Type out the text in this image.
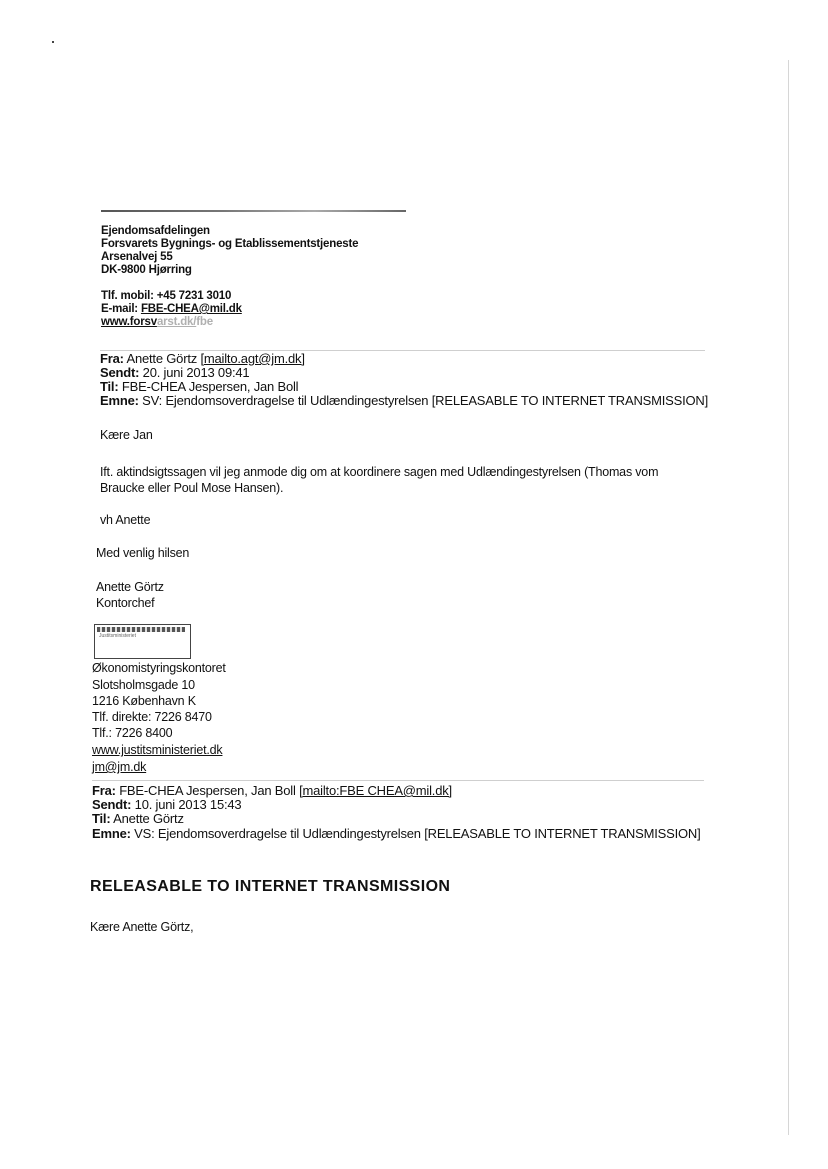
Ejendomsafdelingen
Forsvarets Bygnings- og Etablissementstjeneste
Arsenalvej 55
DK-9800 Hjørring
Tlf. mobil: +45 7231 3010
E-mail: FBE-CHEA@mil.dk
www.forsvarst.dk/fbe
Fra: Anette Görtz [mailto.agt@jm.dk]
Sendt: 20. juni 2013 09:41
Til: FBE-CHEA Jespersen, Jan Boll
Emne: SV: Ejendomsoverdragelse til Udlændingestyrelsen [RELEASABLE TO INTERNET TRANSMISSION]
Kære Jan
Ift. aktindsigtssagen vil jeg anmode dig om at koordinere sagen med Udlændingestyrelsen (Thomas vom
Braucke eller Poul Mose Hansen).
vh Anette
Med venlig hilsen
Anette Görtz
Kontorchef
Justitsministeriet
Økonomistyringskontoret
Slotsholmsgade 10
1216 København K
Tlf. direkte: 7226 8470
Tlf.: 7226 8400
www.justitsministeriet.dk
jm@jm.dk
Fra: FBE-CHEA Jespersen, Jan Boll [mailto:FBE CHEA@mil.dk]
Sendt: 10. juni 2013 15:43
Til: Anette Görtz
Emne: VS: Ejendomsoverdragelse til Udlændingestyrelsen [RELEASABLE TO INTERNET TRANSMISSION]
RELEASABLE TO INTERNET TRANSMISSION
Kære Anette Görtz,
